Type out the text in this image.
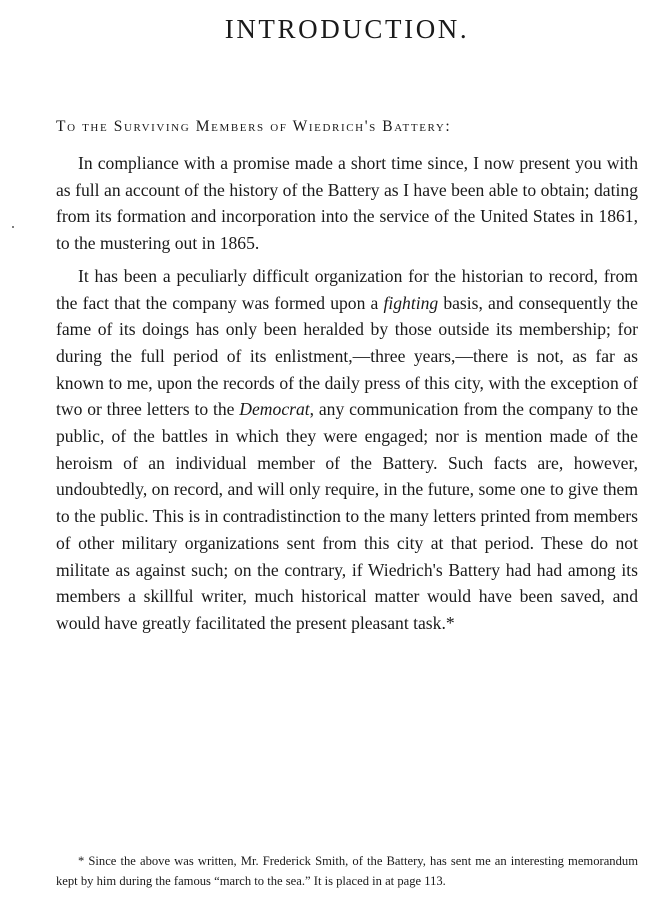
INTRODUCTION.
To the Surviving Members of Wiedrich's Battery:

In compliance with a promise made a short time since, I now present you with as full an account of the history of the Battery as I have been able to obtain; dating from its formation and incorporation into the service of the United States in 1861, to the mustering out in 1865.

It has been a peculiarly difficult organization for the historian to record, from the fact that the company was formed upon a fighting basis, and consequently the fame of its doings has only been heralded by those outside its membership; for during the full period of its enlistment,—three years,—there is not, as far as known to me, upon the records of the daily press of this city, with the exception of two or three letters to the Democrat, any communication from the company to the public, of the battles in which they were engaged; nor is mention made of the heroism of an individual member of the Battery. Such facts are, however, undoubtedly, on record, and will only require, in the future, some one to give them to the public. This is in contradistinction to the many letters printed from members of other military organizations sent from this city at that period. These do not militate as against such; on the contrary, if Wiedrich's Battery had had among its members a skillful writer, much historical matter would have been saved, and would have greatly facilitated the present pleasant task.*

* Since the above was written, Mr. Frederick Smith, of the Battery, has sent me an interesting memorandum kept by him during the famous “march to the sea.” It is placed in at page 113.
